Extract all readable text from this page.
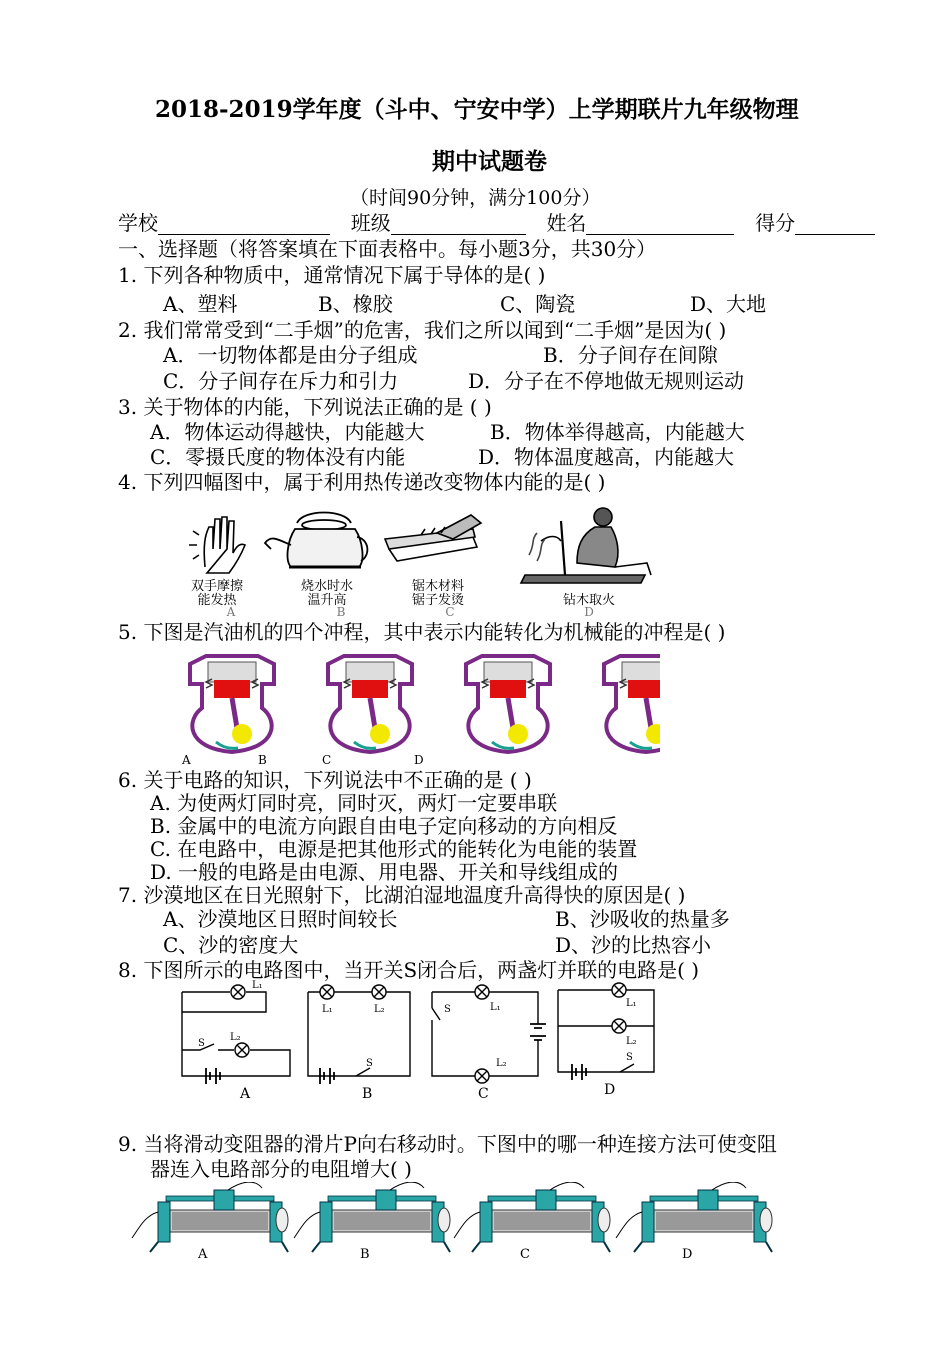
2018-2019学年度（斗中、宁安中学）上学期联片九年级物理
期中试题卷
（时间90分钟，满分100分）
学校	班级	姓名	得分
一、选择题（将答案填在下面表格中。每小题3分，共30分）
1. 下列各种物质中，通常情况下属于导体的是( )
A、塑料	B、橡胶	C、陶瓷	D、大地
2. 我们常常受到“二手烟”的危害，我们之所以闻到“二手烟”是因为( )
A．一切物体都是由分子组成	B．分子间存在间隙
C．分子间存在斥力和引力	D．分子在不停地做无规则运动
3. 关于物体的内能，下列说法正确的是 ( )
A．物体运动得越快，内能越大	B．物体举得越高，内能越大
C．零摄氏度的物体没有内能	D．物体温度越高，内能越大
4. 下列四幅图中，属于利用热传递改变物体内能的是( )
双手摩擦
能发热
烧水时水
温升高
锯木材料
锯子发烫	钻木取火
A	B	C	D
5. 下图是汽油机的四个冲程，其中表示内能转化为机械能的冲程是( )
A	B	C	D
6. 关于电路的知识，下列说法中不正确的是 ( )
A. 为使两灯同时亮，同时灭，两灯一定要串联
B. 金属中的电流方向跟自由电子定向移动的方向相反
C. 在电路中，电源是把其他形式的能转化为电能的装置
D. 一般的电路是由电源、用电器、开关和导线组成的
7. 沙漠地区在日光照射下，比湖泊湿地温度升高得快的原因是( )
A、沙漠地区日照时间较长	B、沙吸收的热量多
C、沙的密度大	D、沙的比热容小
8. 下图所示的电路图中，当开关S闭合后，两盏灯并联的电路是( )
L₁
L₂
S
A
L₁	L₂
S
B
L₁
L₂
S
C
L₁
L₂
S
D
9. 当将滑动变阻器的滑片P向右移动时。下图中的哪一种连接方法可使变阻
器连入电路部分的电阻增大( )
A	B	C	D
